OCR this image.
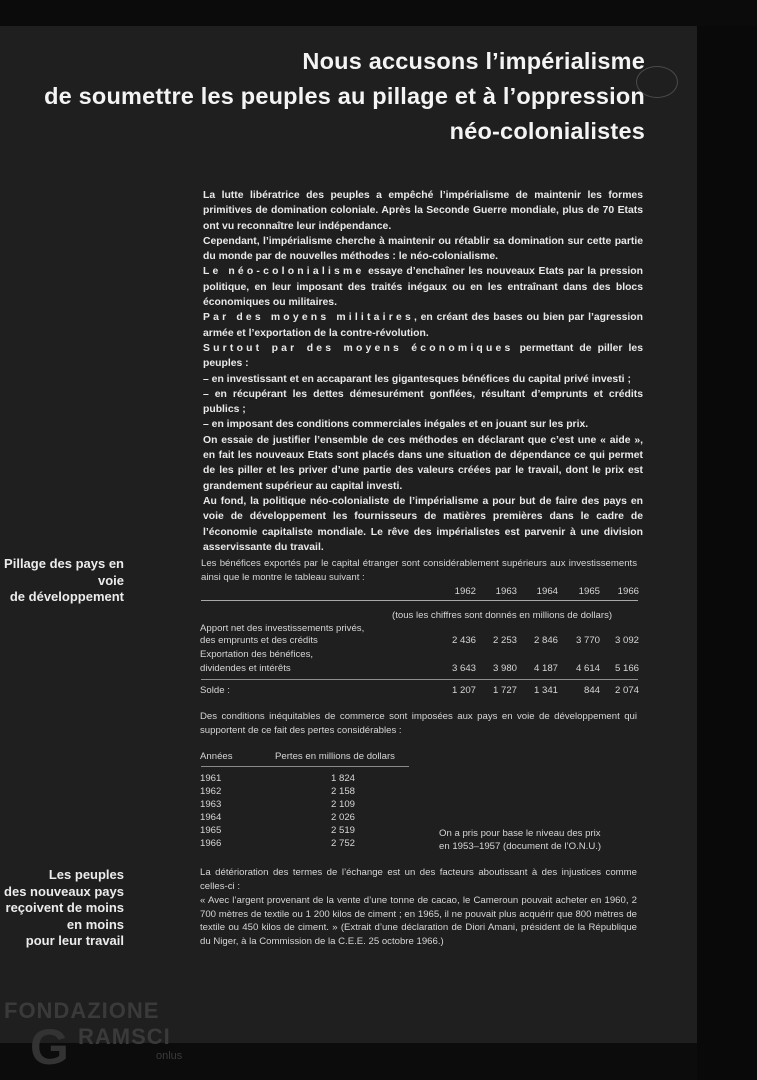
Nous accusons l’impérialisme
de soumettre les peuples au pillage et à l’oppression
néo-colonialistes

La lutte libératrice des peuples a empêché l’impérialisme de maintenir les formes primitives de domination coloniale. Après la Seconde Guerre mondiale, plus de 70 Etats ont vu reconnaître leur indépendance.

Cependant, l’impérialisme cherche à maintenir ou rétablir sa domination sur cette partie du monde par de nouvelles méthodes : le néo-colonialisme.

Le néo-colonialisme essaye d’enchaîner les nouveaux Etats par la pression politique, en leur imposant des traités inégaux ou en les entraînant dans des blocs économiques ou militaires.

Par des moyens militaires, en créant des bases ou bien par l’agression armée et l’exportation de la contre-révolution.

Surtout par des moyens économiques permettant de piller les peuples :

– en investissant et en accaparant les gigantesques bénéfices du capital privé investi ;

– en récupérant les dettes démesurément gonflées, résultant d’emprunts et crédits publics ;

– en imposant des conditions commerciales inégales et en jouant sur les prix.

On essaie de justifier l’ensemble de ces méthodes en déclarant que c’est une « aide », en fait les nouveaux Etats sont placés dans une situation de dépendance ce qui permet de les piller et les priver d’une partie des valeurs créées par le travail, dont le prix est grandement supérieur au capital investi.

Au fond, la politique néo-colonialiste de l’impérialisme a pour but de faire des pays en voie de développement les fournisseurs de matières premières dans le cadre de l’économie capitaliste mondiale. Le rêve des impérialistes est parvenir à une division asservissante du travail.

Pillage des pays en voie
de développement

Les bénéfices exportés par le capital étranger sont considérablement supérieurs aux investissements ainsi que le montre le tableau suivant :

1962	1963	1964	1965	1966

(tous les chiffres sont donnés en millions de dollars)

Apport net des investissements privés,

des emprunts et des crédits	2 436	2 253	2 846	3 770	3 092

Exportation des bénéfices,

dividendes et intérêts	3 643	3 980	4 187	4 614	5 166

Solde :	1 207	1 727	1 341	844	2 074

Des conditions inéquitables de commerce sont imposées aux pays en voie de développement qui supportent de ce fait des pertes considérables :

Années	Pertes en millions de dollars

1961	1 824

1962	2 158

1963	2 109

1964	2 026

1965	2 519

1966	2 752

On a pris pour base le niveau des prix

en 1953–1957 (document de l’O.N.U.)

Les peuples
des nouveaux pays
reçoivent de moins
en moins
pour leur travail

La détérioration des termes de l’échange est un des facteurs aboutissant à des injustices comme celles-ci :

« Avec l’argent provenant de la vente d’une tonne de cacao, le Cameroun pouvait acheter en 1960, 2 700 mètres de textile ou 1 200 kilos de ciment ; en 1965, il ne pouvait plus acquérir que 800 mètres de textile ou 450 kilos de ciment. » (Extrait d’une déclaration de Diori Amani, président de la République du Niger, à la Commission de la C.E.E. 25 octobre 1966.)

FONDAZIONE
G RAMSCI
onlus
